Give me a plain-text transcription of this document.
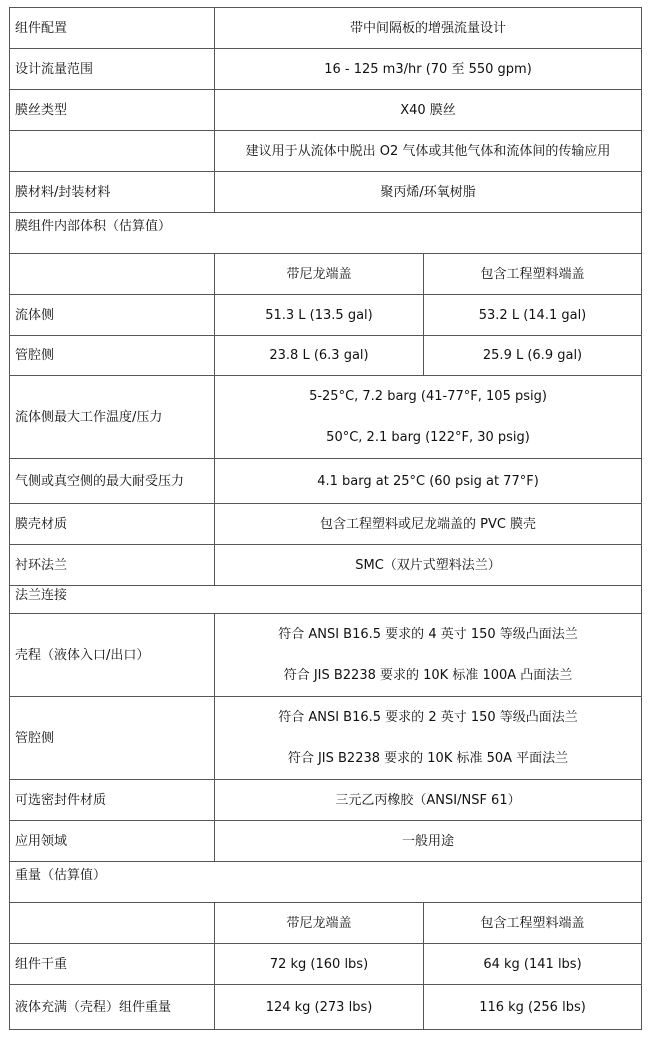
组件配置	带中间隔板的增强流量设计	
设计流量范围	16 - 125 m3/hr (70 至 550 gpm)	
膜丝类型	X40 膜丝	
	建议用于从流体中脱出 O2 气体或其他气体和流体间的传输应用	
膜材料/封装材料	聚丙烯/环氧树脂	
膜组件内部体积（估算值）		
	带尼龙端盖	包含工程塑料端盖
流体侧	51.3 L (13.5 gal)	53.2 L (14.1 gal)
管腔侧	23.8 L (6.3 gal)	25.9 L (6.9 gal)
流体侧最大工作温度/压力	5-25°C, 7.2 barg (41-77°F, 105 psig)
50°C, 2.1 barg (122°F, 30 psig)	

气侧或真空侧的最大耐受压力	4.1 barg at 25°C (60 psig at 77°F)	
膜壳材质	包含工程塑料或尼龙端盖的 PVC 膜壳	
衬环法兰	SMC（双片式塑料法兰）	
法兰连接		
壳程（液体入口/出口）	符合 ANSI B16.5 要求的 4 英寸 150 等级凸面法兰
符合 JIS B2238 要求的 10K 标准 100A 凸面法兰	

管腔侧	符合 ANSI B16.5 要求的 2 英寸 150 等级凸面法兰
符合 JIS B2238 要求的 10K 标准 50A 平面法兰	

可选密封件材质	三元乙丙橡胶（ANSI/NSF 61）	
应用领域	一般用途	
重量（估算值）		
	带尼龙端盖	包含工程塑料端盖
组件干重	72 kg (160 lbs)	64 kg (141 lbs)
液体充满（壳程）组件重量	124 kg (273 lbs)	116 kg (256 lbs)
